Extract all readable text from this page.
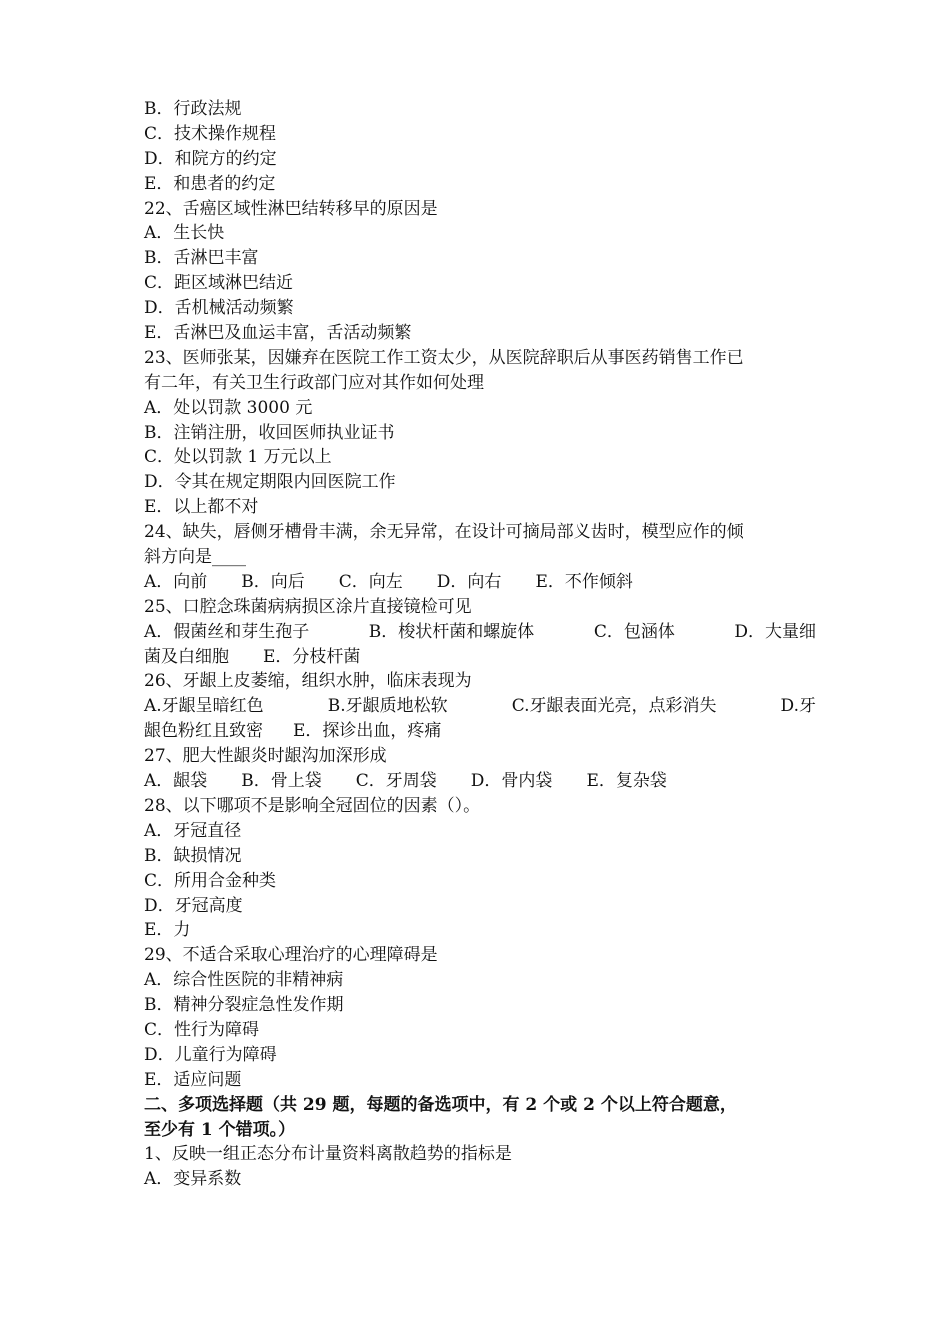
B．行政法规
C．技术操作规程
D．和院方的约定
E．和患者的约定
22、舌癌区域性淋巴结转移早的原因是
A．生长快
B．舌淋巴丰富
C．距区域淋巴结近
D．舌机械活动频繁
E．舌淋巴及血运丰富，舌活动频繁
23、医师张某，因嫌弃在医院工作工资太少，从医院辞职后从事医药销售工作已
有二年，有关卫生行政部门应对其作如何处理
A．处以罚款 3000 元
B．注销注册，收回医师执业证书
C．处以罚款 1 万元以上
D．令其在规定期限内回医院工作
E．以上都不对
24、缺失，唇侧牙槽骨丰满，余无异常，在设计可摘局部义齿时，模型应作的倾
斜方向是____
A．向前 B．向后 C．向左 D．向右 E．不作倾斜
25、口腔念珠菌病病损区涂片直接镜检可见
A．假菌丝和芽生孢子	B．梭状杆菌和螺旋体	C．包涵体	D．大量细
菌及白细胞 E．分枝杆菌
26、牙龈上皮萎缩，组织水肿，临床表现为
A.牙龈呈暗红色	B.牙龈质地松软	C.牙龈表面光亮，点彩消失	D.牙
龈色粉红且致密 E．探诊出血，疼痛
27、肥大性龈炎时龈沟加深形成
A．龈袋 B．骨上袋 C．牙周袋 D．骨内袋 E．复杂袋
28、以下哪项不是影响全冠固位的因素（）。
A．牙冠直径
B．缺损情况
C．所用合金种类
D．牙冠高度
E．力
29、不适合采取心理治疗的心理障碍是
A．综合性医院的非精神病
B．精神分裂症急性发作期
C．性行为障碍
D．儿童行为障碍
E．适应问题
二、多项选择题（共 29 题，每题的备选项中，有 2 个或 2 个以上符合题意，
至少有 1 个错项。）
1、反映一组正态分布计量资料离散趋势的指标是
A．变异系数
